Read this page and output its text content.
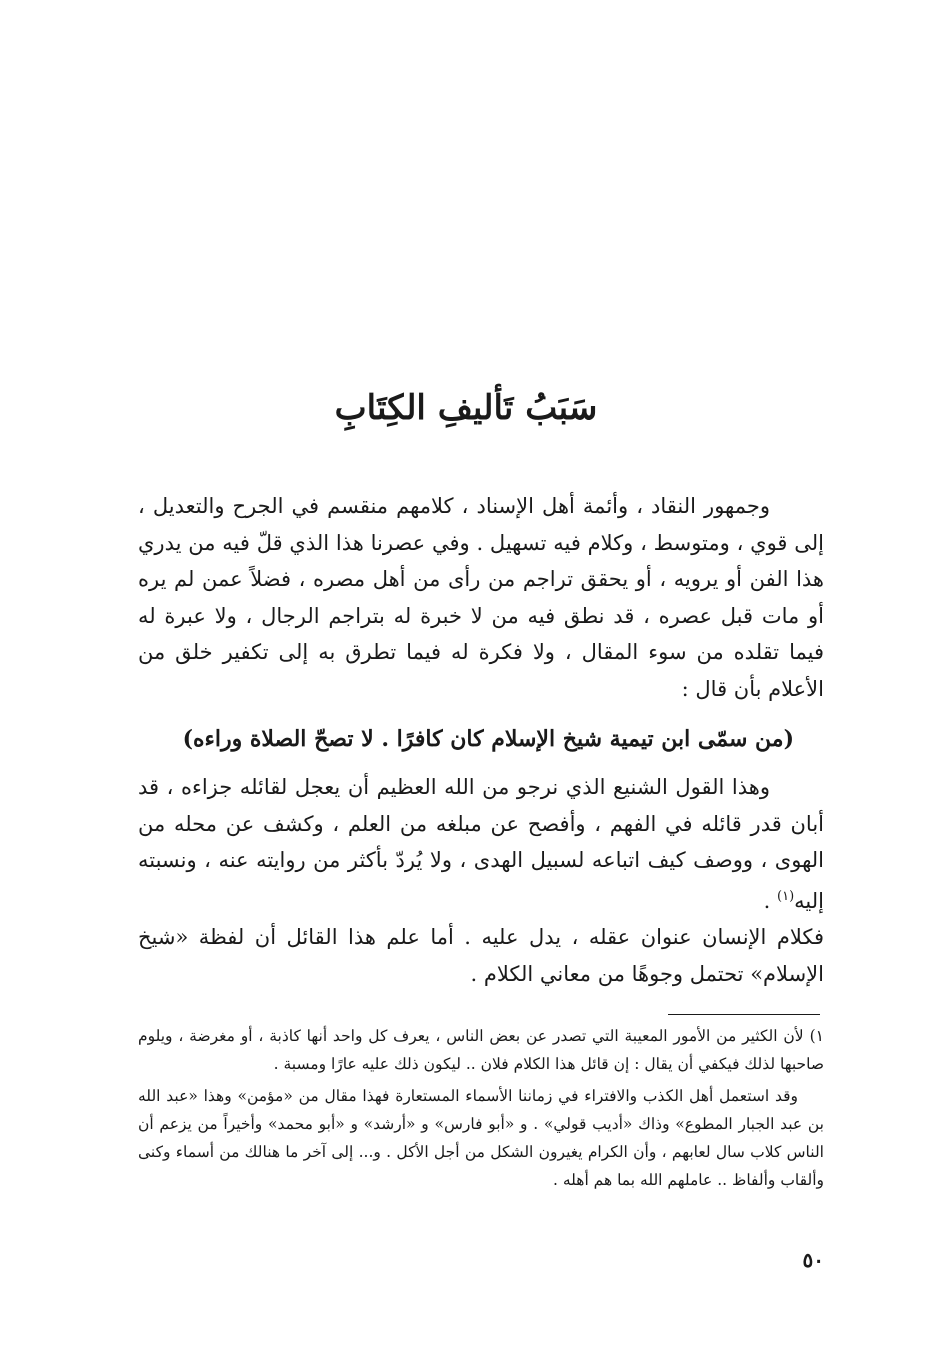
سَبَبُ تَأليفِ الكِتَابِ

وجمهور النقاد ، وأئمة أهل الإسناد ، كلامهم منقسم في الجرح والتعديل ، إلى قوي ، ومتوسط ، وكلام فيه تسهيل . وفي عصرنا هذا الذي قلّ فيه من يدري هذا الفن أو يرويه ، أو يحقق تراجم من رأى من أهل مصره ، فضلاً عمن لم يره أو مات قبل عصره ، قد نطق فيه من لا خبرة له بتراجم الرجال ، ولا عبرة له فيما تقلده من سوء المقال ، ولا فكرة له فيما تطرق به إلى تكفير خلق من الأعلام بأن قال :

(من سمّى ابن تيمية شيخ الإسلام كان كافرًا . لا تصحّ الصلاة وراءه)

وهذا القول الشنيع الذي نرجو من الله العظيم أن يعجل لقائله جزاءه ، قد أبان قدر قائله في الفهم ، وأفصح عن مبلغه من العلم ، وكشف عن محله من الهوى ، ووصف كيف اتباعه لسبيل الهدى ، ولا يُردّ بأكثر من روايته عنه ، ونسبته إليه$^{(١)}$ .

فكلام الإنسان عنوان عقله ، يدل عليه . أما علم هذا القائل أن لفظة «شيخ الإسلام» تحتمل وجوهًا من معاني الكلام .

١)لأن الكثير من الأمور المعيبة التي تصدر عن بعض الناس ، يعرف كل واحد أنها كاذبة ، أو مغرضة ، ويلوم صاحبها لذلك فيكفي أن يقال : إن قائل هذا الكلام فلان .. ليكون ذلك عليه عارًا ومسبة .

وقد استعمل أهل الكذب والافتراء في زماننا الأسماء المستعارة فهذا مقال من «مؤمن» وهذا «عبد الله بن عبد الجبار المطوع» وذاك «أديب قولي» . و «أبو فارس» و «أرشد» و «أبو محمد» وأخيراً من يزعم أن الناس كلاب سال لعابهم ، وأن الكرام يغيرون الشكل من أجل الأكل . و... إلى آخر ما هنالك من أسماء وكنى وألقاب وألفاظ .. عاملهم الله بما هم أهله .

٥٠
